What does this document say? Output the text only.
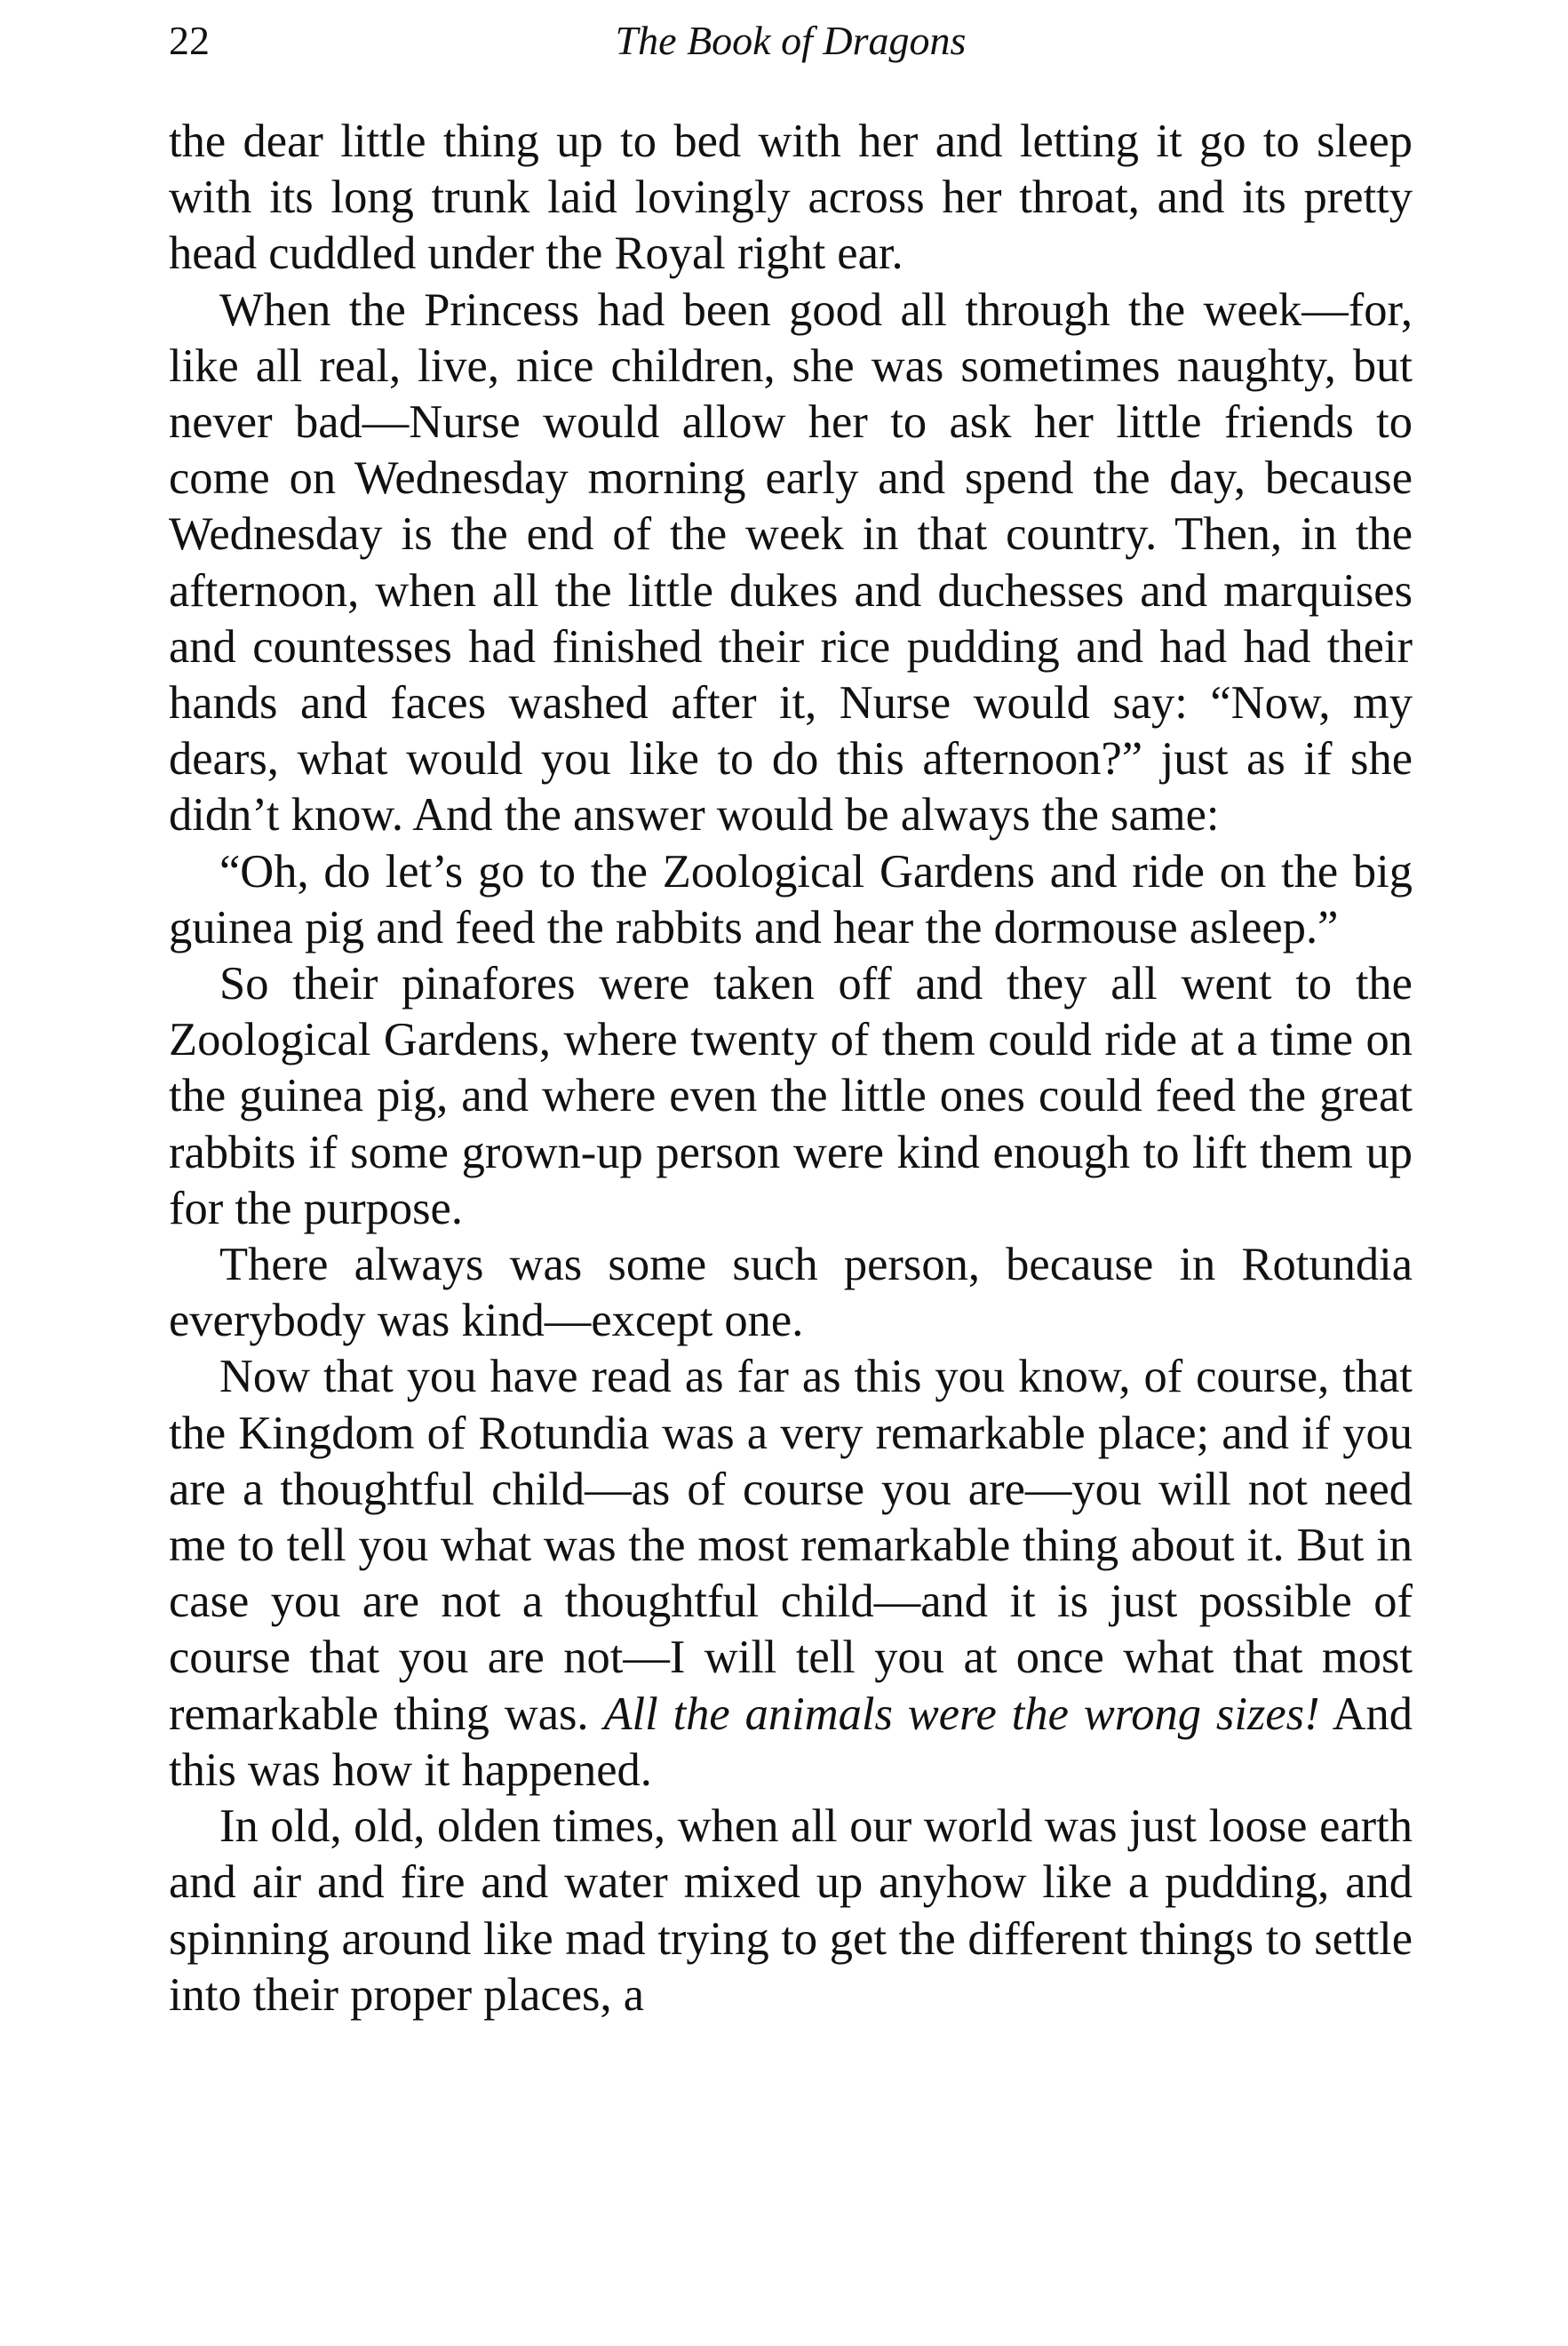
22	The Book of Dragons

the dear little thing up to bed with her and letting it go to sleep with its long trunk laid lovingly across her throat, and its pretty head cuddled under the Royal right ear.

When the Princess had been good all through the week—for, like all real, live, nice children, she was sometimes naughty, but never bad—Nurse would allow her to ask her little friends to come on Wednesday morning early and spend the day, because Wednesday is the end of the week in that country. Then, in the afternoon, when all the little dukes and duchesses and marquises and countesses had finished their rice pudding and had had their hands and faces washed after it, Nurse would say: “Now, my dears, what would you like to do this afternoon?” just as if she didn’t know. And the answer would be always the same:

“Oh, do let’s go to the Zoological Gardens and ride on the big guinea pig and feed the rabbits and hear the dormouse asleep.”

So their pinafores were taken off and they all went to the Zoological Gardens, where twenty of them could ride at a time on the guinea pig, and where even the little ones could feed the great rabbits if some grown-up person were kind enough to lift them up for the purpose.

There always was some such person, because in Rotundia everybody was kind—except one.

Now that you have read as far as this you know, of course, that the Kingdom of Rotundia was a very remarkable place; and if you are a thoughtful child—as of course you are—you will not need me to tell you what was the most remarkable thing about it. But in case you are not a thoughtful child—and it is just possible of course that you are not—I will tell you at once what that most remarkable thing was. All the animals were the wrong sizes! And this was how it happened.

In old, old, olden times, when all our world was just loose earth and air and fire and water mixed up anyhow like a pudding, and spinning around like mad trying to get the different things to settle into their proper places, a
